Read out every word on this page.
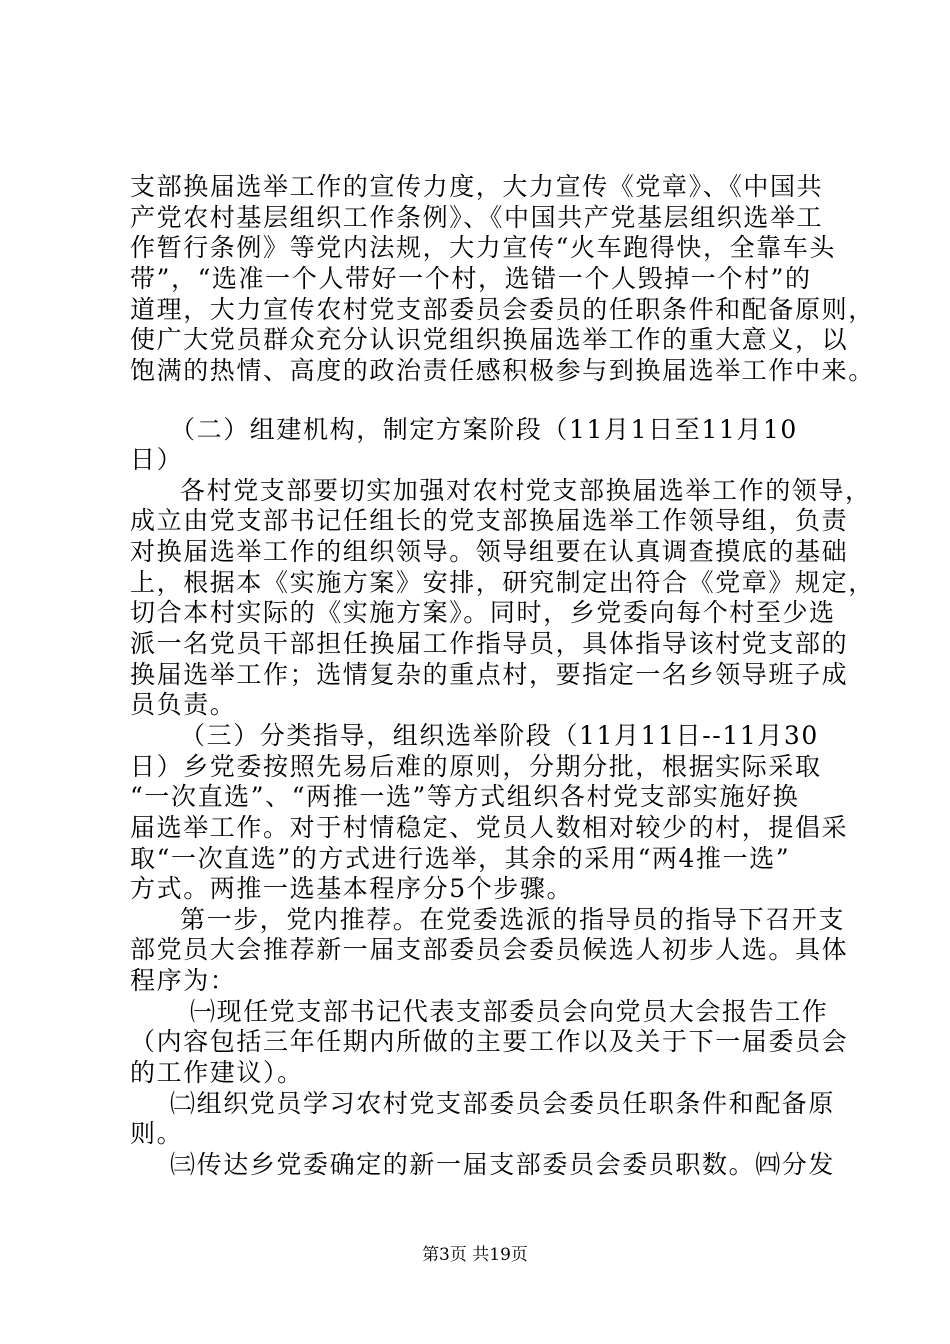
支部换届选举工作的宣传力度，大力宣传《党章》、《中国共
产党农村基层组织工作条例》、《中国共产党基层组织选举工
作暂行条例》等党内法规，大力宣传“火车跑得快，全靠车头
带”，“选准一个人带好一个村，选错一个人毁掉一个村”的
道理，大力宣传农村党支部委员会委员的任职条件和配备原则，
使广大党员群众充分认识党组织换届选举工作的重大意义，以
饱满的热情、高度的政治责任感积极参与到换届选举工作中来。
（二）组建机构，制定方案阶段（11月1日至11月10
日）
各村党支部要切实加强对农村党支部换届选举工作的领导，
成立由党支部书记任组长的党支部换届选举工作领导组，负责
对换届选举工作的组织领导。领导组要在认真调查摸底的基础
上，根据本《实施方案》安排，研究制定出符合《党章》规定，
切合本村实际的《实施方案》。同时，乡党委向每个村至少选
派一名党员干部担任换届工作指导员，具体指导该村党支部的
换届选举工作；选情复杂的重点村，要指定一名乡领导班子成
员负责。
（三）分类指导，组织选举阶段（11月11日--11月30
日）乡党委按照先易后难的原则，分期分批，根据实际采取
“一次直选”、“两推一选”等方式组织各村党支部实施好换
届选举工作。对于村情稳定、党员人数相对较少的村，提倡采
取“一次直选”的方式进行选举，其余的采用“两4推一选”
方式。两推一选基本程序分5个步骤。
第一步，党内推荐。在党委选派的指导员的指导下召开支
部党员大会推荐新一届支部委员会委员候选人初步人选。具体
程序为：
㈠现任党支部书记代表支部委员会向党员大会报告工作
（内容包括三年任期内所做的主要工作以及关于下一届委员会
的工作建议）。
㈡组织党员学习农村党支部委员会委员任职条件和配备原
则。
㈢传达乡党委确定的新一届支部委员会委员职数。㈣分发
第3页 共19页
